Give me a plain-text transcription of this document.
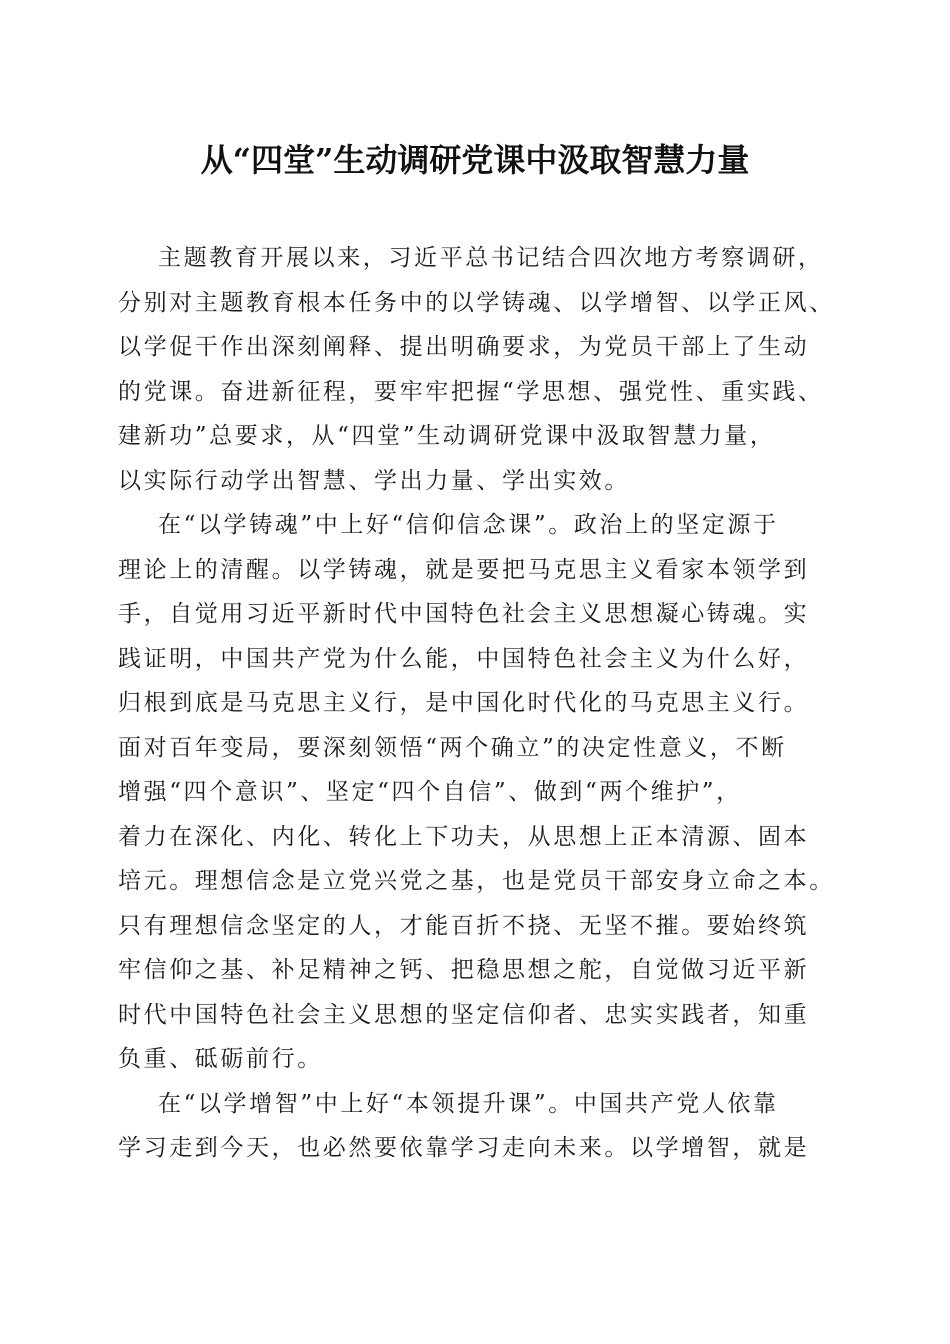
从“四堂”生动调研党课中汲取智慧力量
主题教育开展以来，习近平总书记结合四次地方考察调研，
分别对主题教育根本任务中的以学铸魂、以学增智、以学正风、
以学促干作出深刻阐释、提出明确要求，为党员干部上了生动
的党课。奋进新征程，要牢牢把握“学思想、强党性、重实践、
建新功”总要求，从“四堂”生动调研党课中汲取智慧力量，
以实际行动学出智慧、学出力量、学出实效。
在“以学铸魂”中上好“信仰信念课”。政治上的坚定源于
理论上的清醒。以学铸魂，就是要把马克思主义看家本领学到
手，自觉用习近平新时代中国特色社会主义思想凝心铸魂。实
践证明，中国共产党为什么能，中国特色社会主义为什么好，
归根到底是马克思主义行，是中国化时代化的马克思主义行。
面对百年变局，要深刻领悟“两个确立”的决定性意义，不断
增强“四个意识”、坚定“四个自信”、做到“两个维护”，
着力在深化、内化、转化上下功夫，从思想上正本清源、固本
培元。理想信念是立党兴党之基，也是党员干部安身立命之本。
只有理想信念坚定的人，才能百折不挠、无坚不摧。要始终筑
牢信仰之基、补足精神之钙、把稳思想之舵，自觉做习近平新
时代中国特色社会主义思想的坚定信仰者、忠实实践者，知重
负重、砥砺前行。
在“以学增智”中上好“本领提升课”。中国共产党人依靠
学习走到今天，也必然要依靠学习走向未来。以学增智，就是
